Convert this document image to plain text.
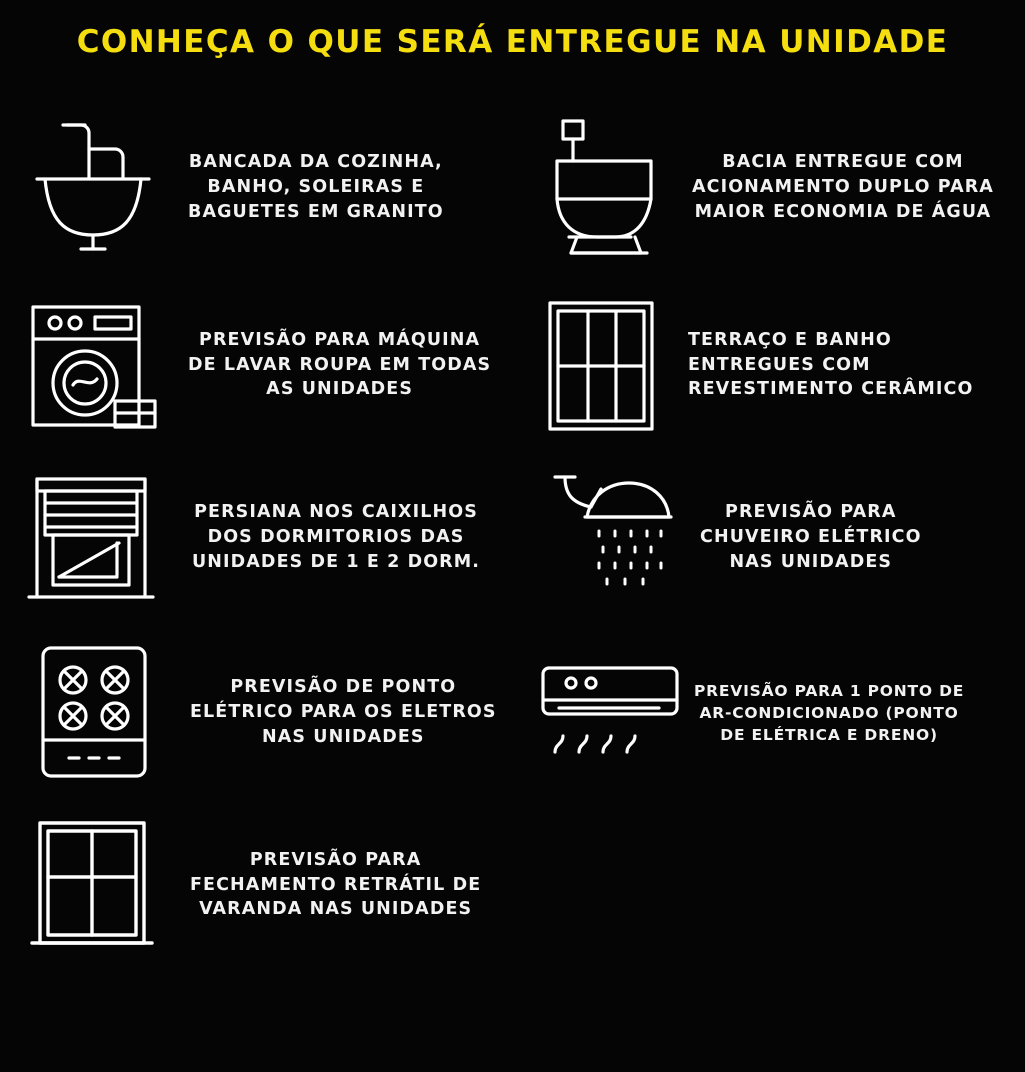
CONHEÇA O QUE SERÁ ENTREGUE NA UNIDADE
BANCADA DA COZINHA,
BANHO, SOLEIRAS E
BAGUETES EM GRANITO
BACIA ENTREGUE COM
ACIONAMENTO DUPLO PARA
MAIOR ECONOMIA DE ÁGUA
PREVISÃO PARA MÁQUINA
DE LAVAR ROUPA EM TODAS
AS UNIDADES
TERRAÇO E BANHO
ENTREGUES COM
REVESTIMENTO CERÂMICO
PERSIANA NOS CAIXILHOS
DOS DORMITORIOS DAS
UNIDADES DE 1 E 2 DORM.
PREVISÃO PARA
CHUVEIRO ELÉTRICO
NAS UNIDADES
PREVISÃO DE PONTO
ELÉTRICO PARA OS ELETROS
NAS UNIDADES
PREVISÃO PARA 1 PONTO DE
AR-CONDICIONADO (PONTO
DE ELÉTRICA E DRENO)
PREVISÃO PARA
FECHAMENTO RETRÁTIL DE
VARANDA NAS UNIDADES
